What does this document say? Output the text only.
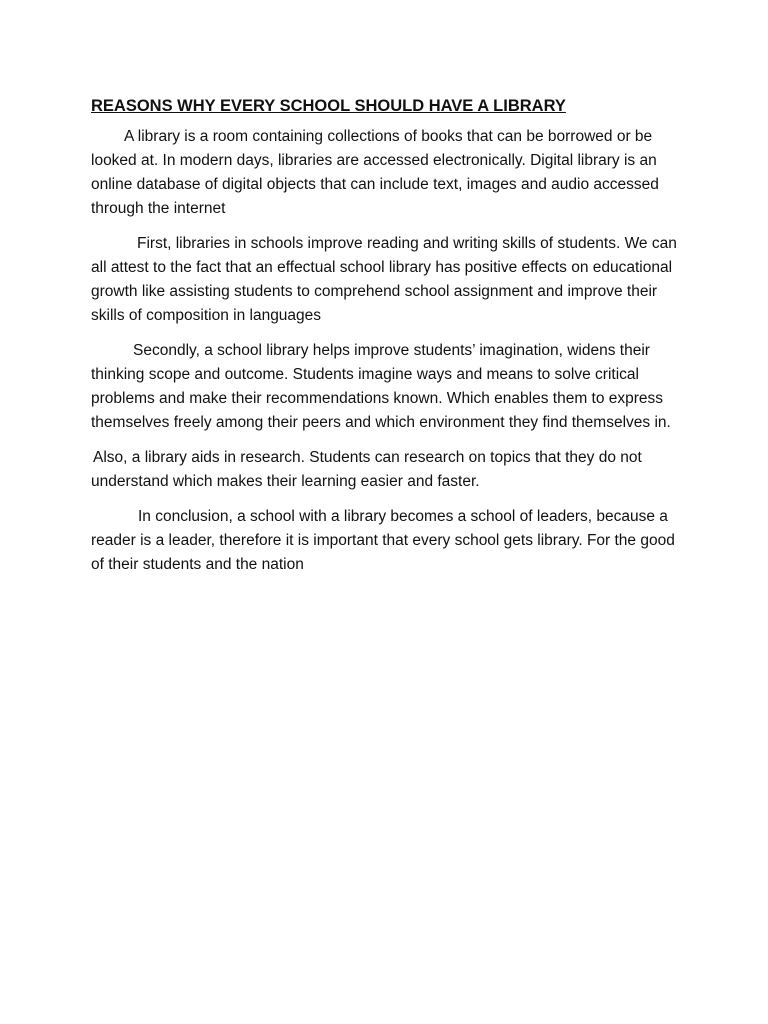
REASONS WHY EVERY SCHOOL SHOULD HAVE A LIBRARY

A library is a room containing collections of books that can be borrowed or be looked at. In modern days, libraries are accessed electronically. Digital library is an online database of digital objects that can include text, images and audio accessed through the internet

First, libraries in schools improve reading and writing skills of students. We can all attest to the fact that an effectual school library has positive effects on educational growth like assisting students to comprehend school assignment and improve their skills of composition in languages

Secondly, a school library helps improve students’ imagination, widens their thinking scope and outcome. Students imagine ways and means to solve critical problems and make their recommendations known. Which enables them to express themselves freely among their peers and which environment they find themselves in.

Also, a library aids in research. Students can research on topics that they do not understand which makes their learning easier and faster.

In conclusion, a school with a library becomes a school of leaders, because a reader is a leader, therefore it is important that every school gets library. For the good of their students and the nation
